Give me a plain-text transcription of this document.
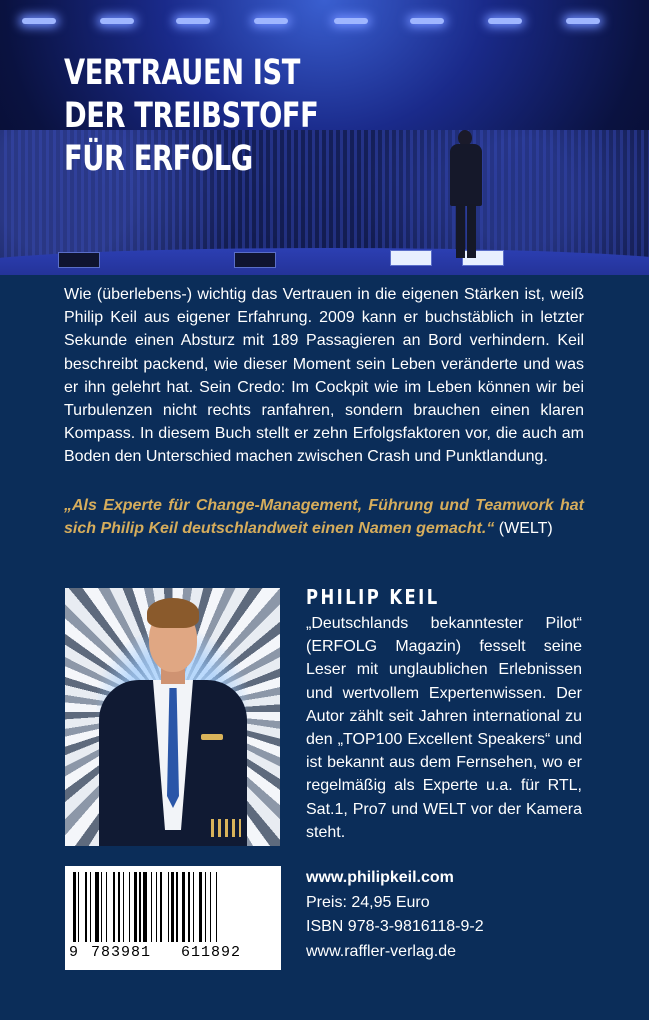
VERTRAUEN IST
DER TREIBSTOFF
FÜR ERFOLG

Wie (überlebens-) wichtig das Vertrauen in die eigenen Stärken ist, weiß Philip Keil aus eigener Erfahrung. 2009 kann er buchstäblich in letzter Sekunde einen Absturz mit 189 Passagieren an Bord verhindern. Keil beschreibt packend, wie dieser Moment sein Leben veränderte und was er ihn gelehrt hat. Sein Credo: Im Cockpit wie im Leben können wir bei Turbulenzen nicht rechts ranfahren, sondern brauchen einen klaren Kompass. In diesem Buch stellt er zehn Erfolgsfaktoren vor, die auch am Boden den Unterschied machen zwischen Crash und Punktlandung.

„Als Experte für Change-Management, Führung und Teamwork hat sich Philip Keil deutschlandweit einen Namen gemacht.“ (WELT)

PHILIP KEIL

„Deutschlands bekanntester Pilot“ (ERFOLG Magazin) fesselt seine Leser mit unglaublichen Erlebnissen und wertvollem Expertenwissen. Der Autor zählt seit Jahren international zu den „TOP100 Excellent Speakers“ und ist bekannt aus dem Fernsehen, wo er regelmäßig als Experte u.a. für RTL, Sat.1, Pro7 und WELT vor der Kamera steht.

9 783981 611892
www.philipkeil.com
Preis: 24,95 Euro
ISBN 978-3-9816118-9-2
www.raffler-verlag.de
